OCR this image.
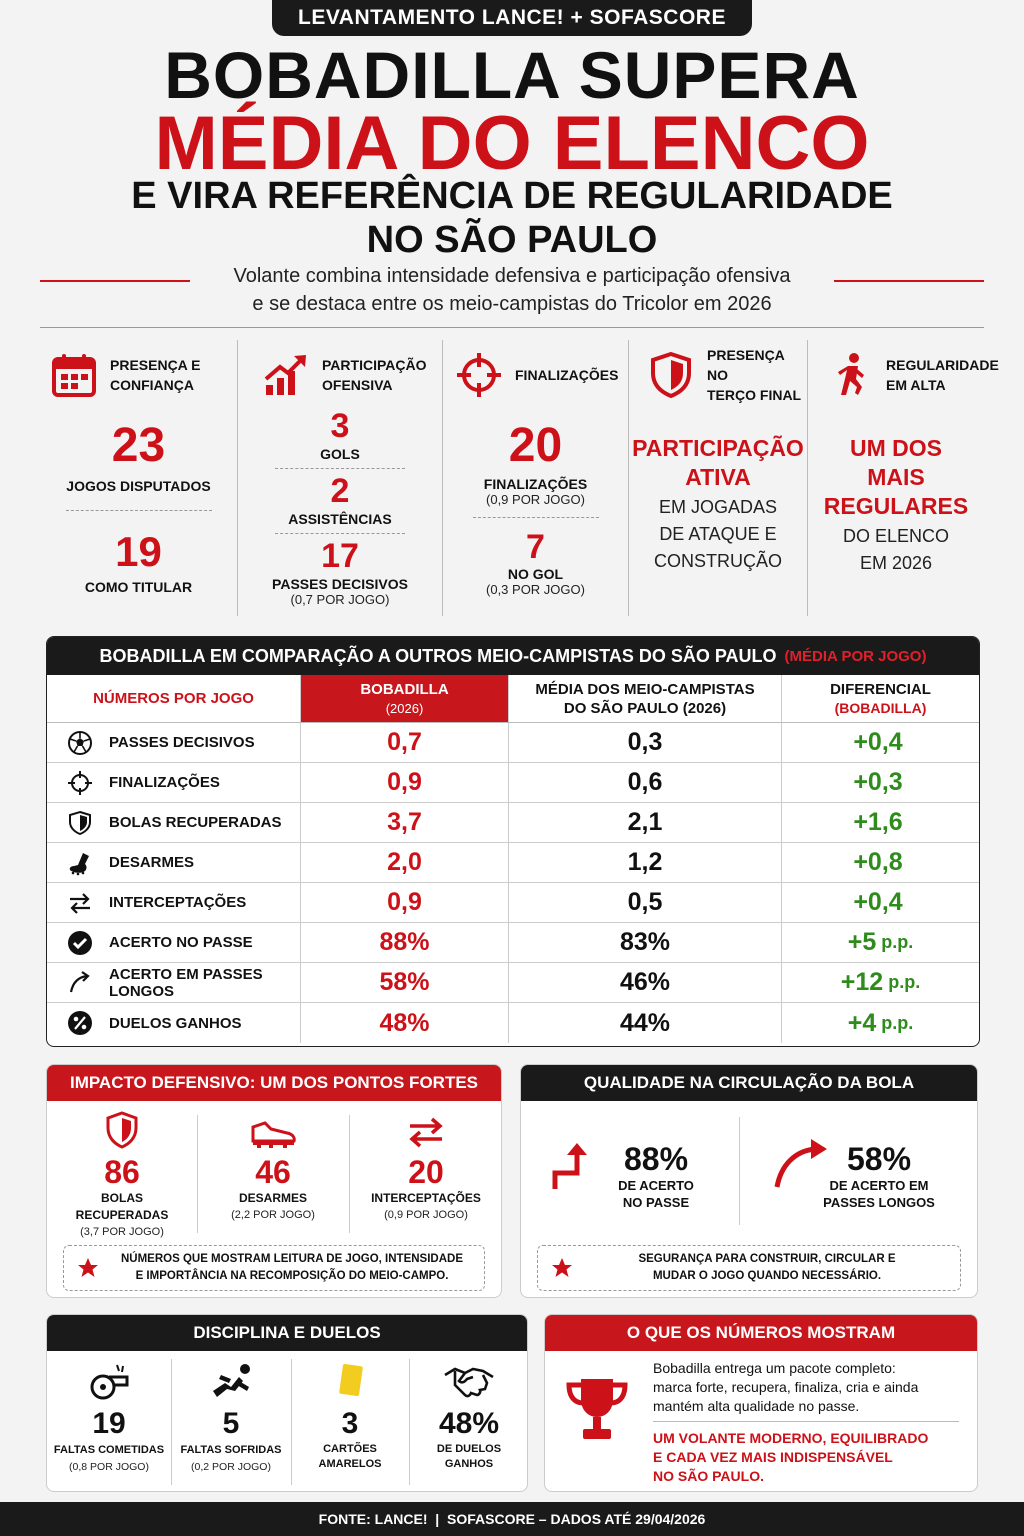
LEVANTAMENTO LANCE! + SOFASCORE
BOBADILLA SUPERA
MÉDIA DO ELENCO
E VIRA REFERÊNCIA DE REGULARIDADE
NO SÃO PAULO
Volante combina intensidade defensiva e participação ofensiva
e se destaca entre os meio-campistas do Tricolor em 2026
PRESENÇA E
CONFIANÇA
23
JOGOS DISPUTADOS
19
COMO TITULAR
PARTICIPAÇÃO
OFENSIVA
3
GOLS
2
ASSISTÊNCIAS
17
PASSES DECISIVOS
(0,7 POR JOGO)
FINALIZAÇÕES
20
FINALIZAÇÕES
(0,9 POR JOGO)
7
NO GOL
(0,3 POR JOGO)
PRESENÇA NO
TERÇO FINAL
PARTICIPAÇÃO
ATIVA
EM JOGADAS
DE ATAQUE E
CONSTRUÇÃO
REGULARIDADE
EM ALTA
UM DOS
MAIS
REGULARES
DO ELENCO
EM 2026
BOBADILLA EM COMPARAÇÃO A OUTROS MEIO-CAMPISTAS DO SÃO PAULO (MÉDIA POR JOGO)
NÚMEROS POR JOGO
BOBADILLA
(2026)
MÉDIA DOS MEIO-CAMPISTAS
DO SÃO PAULO (2026)
DIFERENCIAL
(BOBADILLA)
PASSES DECISIVOS	0,7	0,3	+0,4
FINALIZAÇÕES	0,9	0,6	+0,3
BOLAS RECUPERADAS	3,7	2,1	+1,6
DESARMES	2,0	1,2	+0,8
INTERCEPTAÇÕES	0,9	0,5	+0,4
ACERTO NO PASSE	88%	83%	+5 p.p.
ACERTO EM PASSES LONGOS	58%	46%	+12 p.p.
DUELOS GANHOS	48%	44%	+4 p.p.
IMPACTO DEFENSIVO: UM DOS PONTOS FORTES
86
BOLAS
RECUPERADAS
(3,7 POR JOGO)
46
DESARMES
(2,2 POR JOGO)
20
INTERCEPTAÇÕES
(0,9 POR JOGO)
NÚMEROS QUE MOSTRAM LEITURA DE JOGO, INTENSIDADE
E IMPORTÂNCIA NA RECOMPOSIÇÃO DO MEIO-CAMPO.
QUALIDADE NA CIRCULAÇÃO DA BOLA
88%
DE ACERTO
NO PASSE
58%
DE ACERTO EM
PASSES LONGOS
SEGURANÇA PARA CONSTRUIR, CIRCULAR E
MUDAR O JOGO QUANDO NECESSÁRIO.
DISCIPLINA E DUELOS
19
FALTAS COMETIDAS
(0,8 POR JOGO)
5
FALTAS SOFRIDAS
(0,2 POR JOGO)
3
CARTÕES
AMARELOS
48%
DE DUELOS
GANHOS
O QUE OS NÚMEROS MOSTRAM
Bobadilla entrega um pacote completo:
marca forte, recupera, finaliza, cria e ainda
mantém alta qualidade no passe.
UM VOLANTE MODERNO, EQUILIBRADO
E CADA VEZ MAIS INDISPENSÁVEL
NO SÃO PAULO.
FONTE: LANCE!  |  SOFASCORE – DADOS ATÉ 29/04/2026
